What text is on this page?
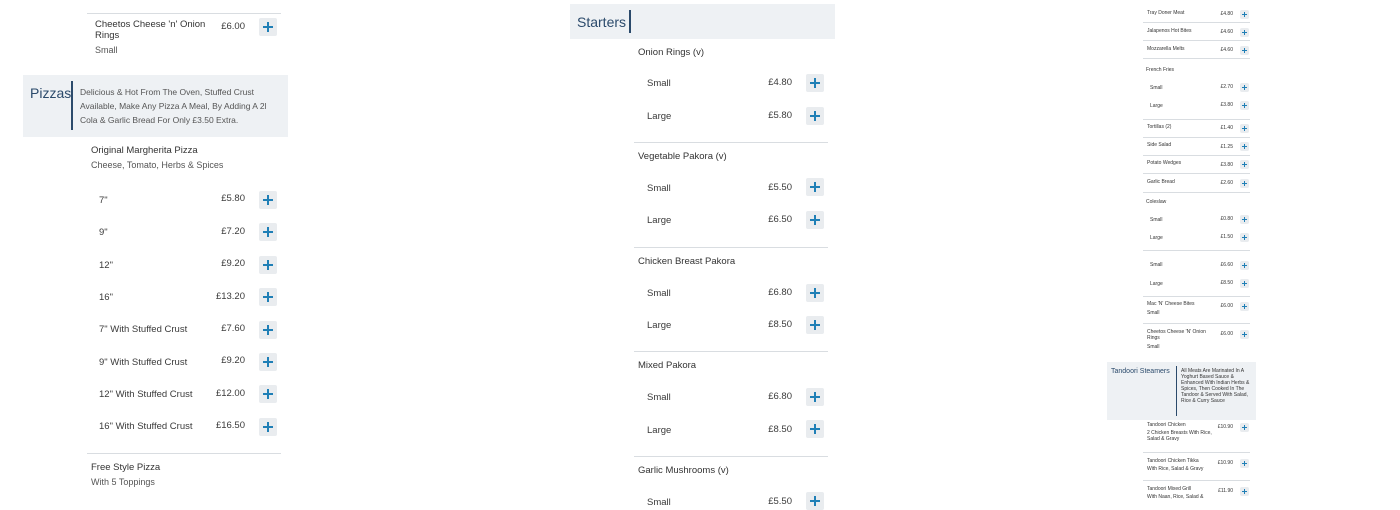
Cheetos Cheese 'n' Onion Rings
Small
£6.00
Pizzas Delicious & Hot From The Oven, Stuffed Crust Available, Make Any Pizza A Meal, By Adding A 2l Cola & Garlic Bread For Only £3.50 Extra.
Original Margherita Pizza
Cheese, Tomato, Herbs & Spices
7"	£5.80
9"	£7.20
12"	£9.20
16"	£13.20
7" With Stuffed Crust	£7.60
9" With Stuffed Crust	£9.20
12" With Stuffed Crust	£12.00
16" With Stuffed Crust	£16.50
Free Style Pizza
With 5 Toppings
Starters
Onion Rings (v)
Small	£4.80
Large	£5.80
Vegetable Pakora (v)
Small	£5.50
Large	£6.50
Chicken Breast Pakora
Small	£6.80
Large	£8.50
Mixed Pakora
Small	£6.80
Large	£8.50
Garlic Mushrooms (v)
Small	£5.50
Tray Doner Meat	£4.80
Jalapenos Hot Bites	£4.60
Mozzarella Melts	£4.60
French Fries
Small	£2.70
Large	£3.80
Tortillas (2)	£1.40
Side Salad	£1.25
Potato Wedges	£3.80
Garlic Bread	£2.60
Coleslaw
Small	£0.80
Large	£1.50
Small	£6.60
Large	£8.50
Mac 'N' Cheese Bites
Small
£6.00
Cheetos Cheese 'N' Onion Rings
Small
£6.00
Tandoori Steamers All Meats Are Marinated In A Yoghurt Based Sauce & Enhanced With Indian Herbs & Spices, Then Cooked In The Tandoor & Served With Salad, Rice & Curry Sauce
Tandoori Chicken
2 Chicken Breasts With Rice, Salad & Gravy
£10.90
Tandoori Chicken Tikka
With Rice, Salad & Gravy
£10.90
Tandoori Mixed Grill
With Naan, Rice, Salad &
£11.90
